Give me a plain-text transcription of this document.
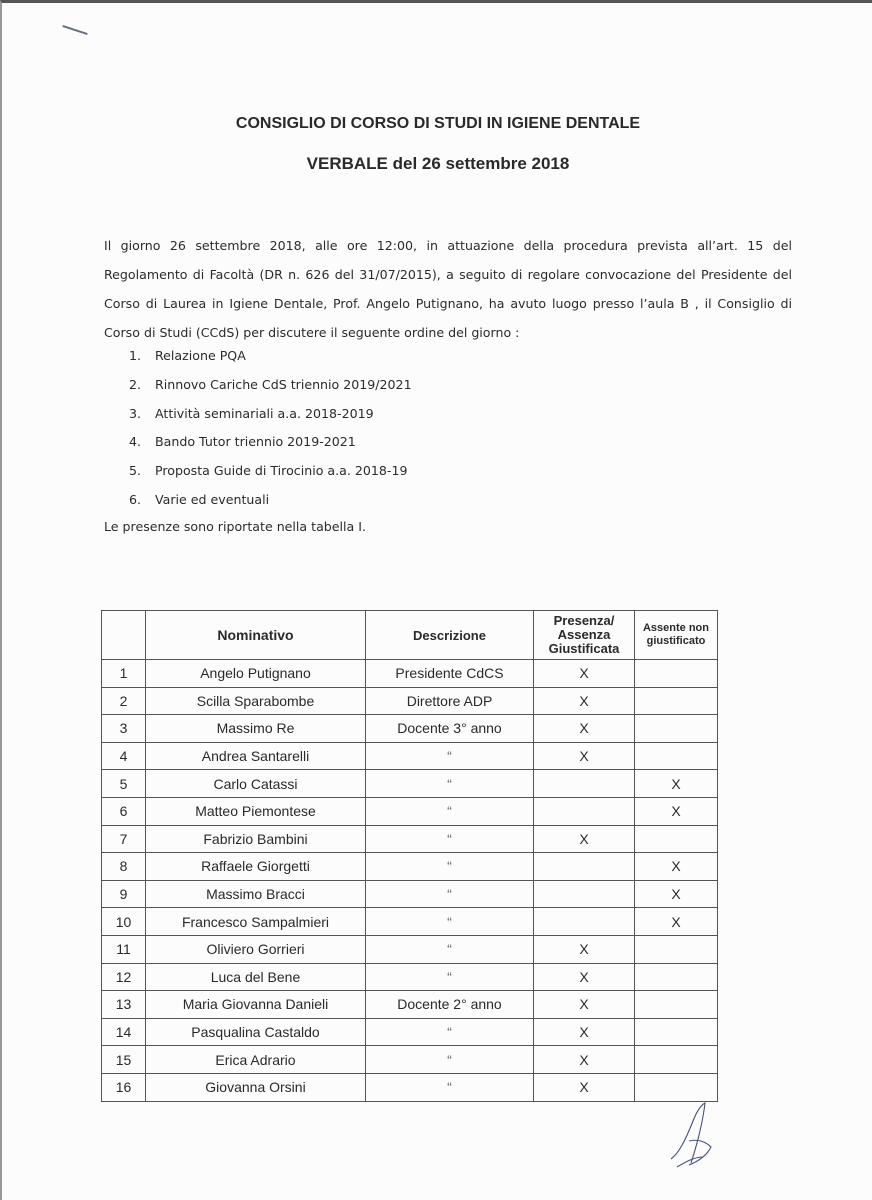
CONSIGLIO DI CORSO DI STUDI IN IGIENE DENTALE
VERBALE del 26 settembre 2018
Il giorno 26 settembre 2018, alle ore 12:00, in attuazione della procedura prevista all’art. 15 del Regolamento di Facoltà (DR n. 626 del 31/07/2015), a seguito di regolare convocazione del Presidente del Corso di Laurea in Igiene Dentale, Prof. Angelo Putignano, ha avuto luogo presso l’aula B , il Consiglio di Corso di Studi (CCdS) per discutere il seguente ordine del giorno :
1. Relazione PQA
2. Rinnovo Cariche CdS triennio 2019/2021
3. Attività seminariali a.a. 2018-2019
4. Bando Tutor triennio 2019-2021
5. Proposta Guide di Tirocinio a.a. 2018-19
6. Varie ed eventuali
Le presenze sono riportate nella tabella I.
	Nominativo	Descrizione	Presenza/ Assenza Giustificata	Assente non giustificato
1	Angelo Putignano	Presidente CdCS	X	
2	Scilla Sparabombe	Direttore ADP	X	
3	Massimo Re	Docente 3° anno	X	
4	Andrea Santarelli	“	X	
5	Carlo Catassi	“		X
6	Matteo Piemontese	“		X
7	Fabrizio Bambini	“	X	
8	Raffaele Giorgetti	“		X
9	Massimo Bracci	“		X
10	Francesco Sampalmieri	“		X
11	Oliviero Gorrieri	“	X	
12	Luca del Bene	“	X	
13	Maria Giovanna Danieli	Docente 2° anno	X	
14	Pasqualina Castaldo	“	X	
15	Erica Adrario	“	X	
16	Giovanna Orsini	“	X	
